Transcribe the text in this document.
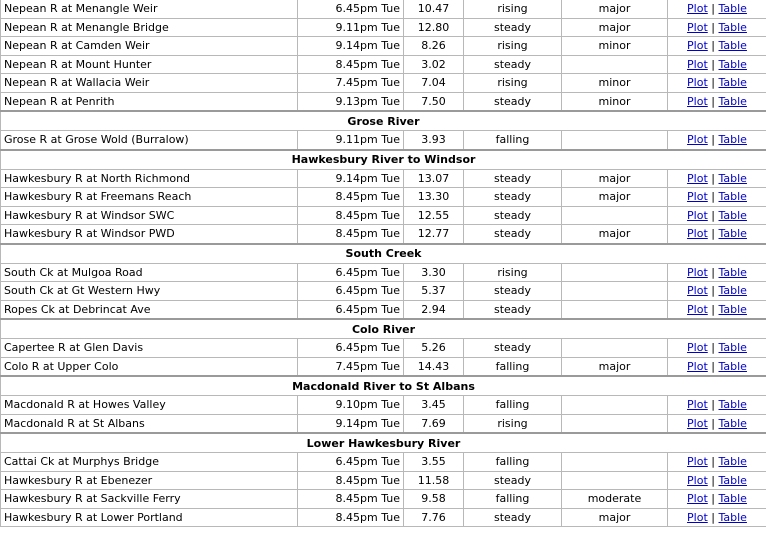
Nepean R at Menangle Weir	6.45pm Tue	10.47	rising	major	Plot | Table
Nepean R at Menangle Bridge	9.11pm Tue	12.80	steady	major	Plot | Table
Nepean R at Camden Weir	9.14pm Tue	8.26	rising	minor	Plot | Table
Nepean R at Mount Hunter	8.45pm Tue	3.02	steady		Plot | Table
Nepean R at Wallacia Weir	7.45pm Tue	7.04	rising	minor	Plot | Table
Nepean R at Penrith	9.13pm Tue	7.50	steady	minor	Plot | Table
Grose River					
Grose R at Grose Wold (Burralow)	9.11pm Tue	3.93	falling		Plot | Table
Hawkesbury River to Windsor					
Hawkesbury R at North Richmond	9.14pm Tue	13.07	steady	major	Plot | Table
Hawkesbury R at Freemans Reach	8.45pm Tue	13.30	steady	major	Plot | Table
Hawkesbury R at Windsor SWC	8.45pm Tue	12.55	steady		Plot | Table
Hawkesbury R at Windsor PWD	8.45pm Tue	12.77	steady	major	Plot | Table
South Creek					
South Ck at Mulgoa Road	6.45pm Tue	3.30	rising		Plot | Table
South Ck at Gt Western Hwy	6.45pm Tue	5.37	steady		Plot | Table
Ropes Ck at Debrincat Ave	6.45pm Tue	2.94	steady		Plot | Table
Colo River					
Capertee R at Glen Davis	6.45pm Tue	5.26	steady		Plot | Table
Colo R at Upper Colo	7.45pm Tue	14.43	falling	major	Plot | Table
Macdonald River to St Albans					
Macdonald R at Howes Valley	9.10pm Tue	3.45	falling		Plot | Table
Macdonald R at St Albans	9.14pm Tue	7.69	rising		Plot | Table
Lower Hawkesbury River					
Cattai Ck at Murphys Bridge	6.45pm Tue	3.55	falling		Plot | Table
Hawkesbury R at Ebenezer	8.45pm Tue	11.58	steady		Plot | Table
Hawkesbury R at Sackville Ferry	8.45pm Tue	9.58	falling	moderate	Plot | Table
Hawkesbury R at Lower Portland	8.45pm Tue	7.76	steady	major	Plot | Table
